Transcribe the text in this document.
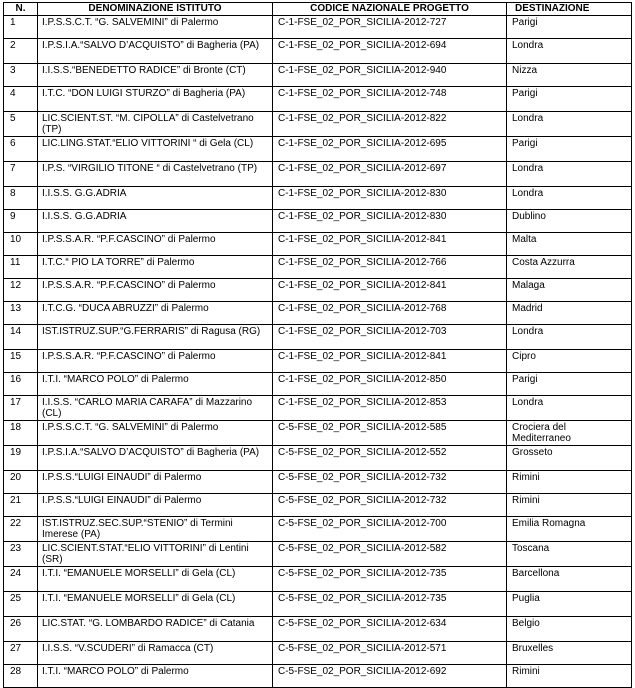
N.	DENOMINAZIONE ISTITUTO	CODICE NAZIONALE PROGETTO	DESTINAZIONE
1	I.P.S.S.C.T. “G. SALVEMINI” di Palermo	C-1-FSE_02_POR_SICILIA-2012-727	Parigi
2	I.P.S.I.A.“SALVO D’ACQUISTO” di Bagheria (PA)	C-1-FSE_02_POR_SICILIA-2012-694	Londra
3	I.I.S.S.“BENEDETTO RADICE” di Bronte (CT)	C-1-FSE_02_POR_SICILIA-2012-940	Nizza
4	I.T.C. “DON LUIGI STURZO” di Bagheria (PA)	C-1-FSE_02_POR_SICILIA-2012-748	Parigi
5	LIC.SCIENT.ST. “M. CIPOLLA” di Castelvetrano (TP)	C-1-FSE_02_POR_SICILIA-2012-822	Londra
6	LIC.LING.STAT.“ELIO VITTORINI “ di Gela (CL)	C-1-FSE_02_POR_SICILIA-2012-695	Parigi
7	I.P.S. “VIRGILIO TITONE “ di Castelvetrano (TP)	C-1-FSE_02_POR_SICILIA-2012-697	Londra
8	I.I.S.S. G.G.ADRIA	C-1-FSE_02_POR_SICILIA-2012-830	Londra
9	I.I.S.S. G.G.ADRIA	C-1-FSE_02_POR_SICILIA-2012-830	Dublino
10	I.P.S.S.A.R. “P.F.CASCINO” di Palermo	C-1-FSE_02_POR_SICILIA-2012-841	Malta
11	I.T.C.“ PIO LA TORRE” di Palermo	C-1-FSE_02_POR_SICILIA-2012-766	Costa Azzurra
12	I.P.S.S.A.R. “P.F.CASCINO” di Palermo	C-1-FSE_02_POR_SICILIA-2012-841	Malaga
13	I.T.C.G. “DUCA ABRUZZI” di Palermo	C-1-FSE_02_POR_SICILIA-2012-768	Madrid
14	IST.ISTRUZ.SUP.“G.FERRARIS” di Ragusa (RG)	C-1-FSE_02_POR_SICILIA-2012-703	Londra
15	I.P.S.S.A.R. “P.F.CASCINO” di Palermo	C-1-FSE_02_POR_SICILIA-2012-841	Cipro
16	I.T.I. “MARCO POLO” di Palermo	C-1-FSE_02_POR_SICILIA-2012-850	Parigi
17	I.I.S.S. “CARLO MARIA CARAFA” di Mazzarino (CL)	C-1-FSE_02_POR_SICILIA-2012-853	Londra
18	I.P.S.S.C.T. “G. SALVEMINI” di Palermo	C-5-FSE_02_POR_SICILIA-2012-585	Crociera del Mediterraneo
19	I.P.S.I.A.“SALVO D’ACQUISTO” di Bagheria (PA)	C-5-FSE_02_POR_SICILIA-2012-552	Grosseto
20	I.P.S.S.“LUIGI EINAUDI” di Palermo	C-5-FSE_02_POR_SICILIA-2012-732	Rimini
21	I.P.S.S.“LUIGI EINAUDI” di Palermo	C-5-FSE_02_POR_SICILIA-2012-732	Rimini
22	IST.ISTRUZ.SEC.SUP.“STENIO” di Termini Imerese (PA)	C-5-FSE_02_POR_SICILIA-2012-700	Emilia Romagna
23	LIC.SCIENT.STAT.“ELIO VITTORINI” di Lentini (SR)	C-5-FSE_02_POR_SICILIA-2012-582	Toscana
24	I.T.I. “EMANUELE MORSELLI” di Gela (CL)	C-5-FSE_02_POR_SICILIA-2012-735	Barcellona
25	I.T.I. “EMANUELE MORSELLI” di Gela (CL)	C-5-FSE_02_POR_SICILIA-2012-735	Puglia
26	LIC.STAT. “G. LOMBARDO RADICE” di Catania	C-5-FSE_02_POR_SICILIA-2012-634	Belgio
27	I.I.S.S. “V.SCUDERI” di Ramacca (CT)	C-5-FSE_02_POR_SICILIA-2012-571	Bruxelles
28	I.T.I. “MARCO POLO” di Palermo	C-5-FSE_02_POR_SICILIA-2012-692	Rimini
